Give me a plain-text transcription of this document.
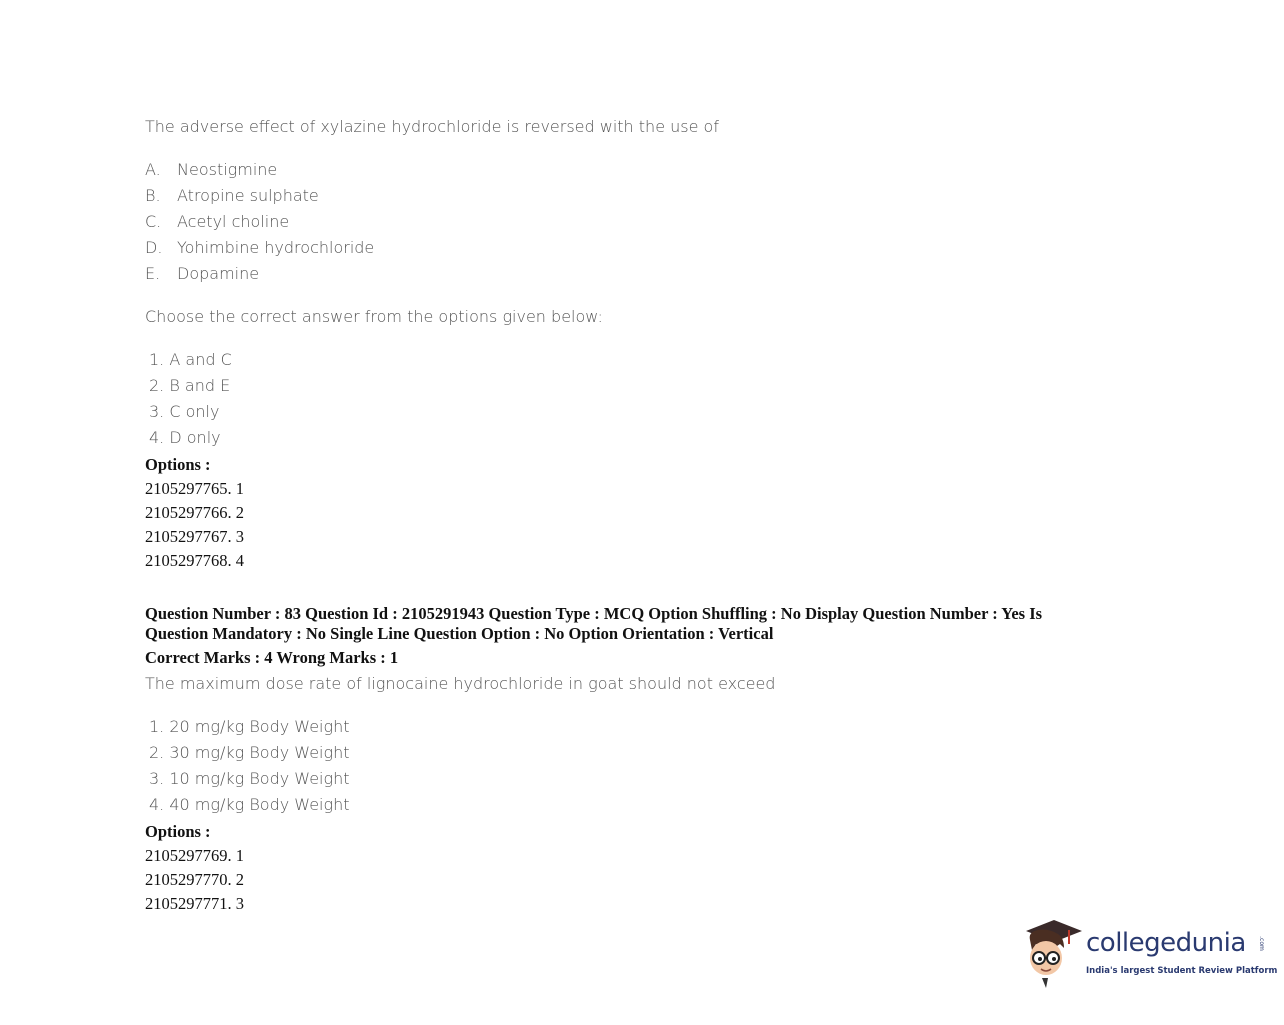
The adverse effect of xylazine hydrochloride is reversed with the use of
A. Neostigmine
B. Atropine sulphate
C. Acetyl choline
D. Yohimbine hydrochloride
E. Dopamine
Choose the correct answer from the options given below:
1. A and C
2. B and E
3. C only
4. D only
Options :
2105297765. 1
2105297766. 2
2105297767. 3
2105297768. 4
Question Number : 83 Question Id : 2105291943 Question Type : MCQ Option Shuffling : No Display Question Number : Yes Is
Question Mandatory : No Single Line Question Option : No Option Orientation : Vertical
Correct Marks : 4 Wrong Marks : 1
The maximum dose rate of lignocaine hydrochloride in goat should not exceed
1. 20 mg/kg Body Weight
2. 30 mg/kg Body Weight
3. 10 mg/kg Body Weight
4. 40 mg/kg Body Weight
Options :
2105297769. 1
2105297770. 2
2105297771. 3
collegedunia .com
India's largest Student Review Platform
